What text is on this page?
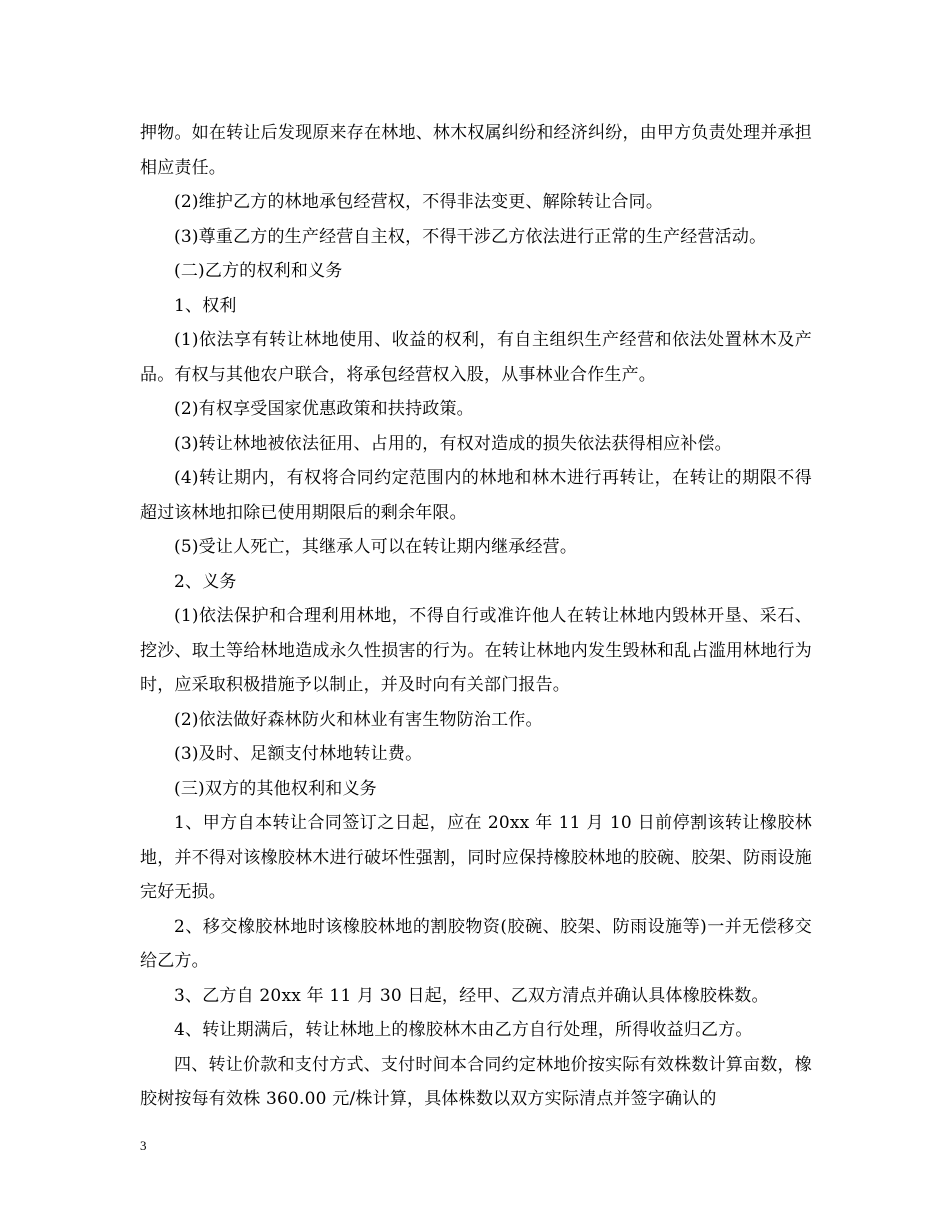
押物。如在转让后发现原来存在林地、林木权属纠纷和经济纠纷，由甲方负责处理并承担相应责任。

(2)维护乙方的林地承包经营权，不得非法变更、解除转让合同。

(3)尊重乙方的生产经营自主权，不得干涉乙方依法进行正常的生产经营活动。

(二)乙方的权利和义务

1、权利

(1)依法享有转让林地使用、收益的权利，有自主组织生产经营和依法处置林木及产品。有权与其他农户联合，将承包经营权入股，从事林业合作生产。

(2)有权享受国家优惠政策和扶持政策。

(3)转让林地被依法征用、占用的，有权对造成的损失依法获得相应补偿。

(4)转让期内，有权将合同约定范围内的林地和林木进行再转让，在转让的期限不得超过该林地扣除已使用期限后的剩余年限。

(5)受让人死亡，其继承人可以在转让期内继承经营。

2、义务

(1)依法保护和合理利用林地，不得自行或准许他人在转让林地内毁林开垦、采石、挖沙、取土等给林地造成永久性损害的行为。在转让林地内发生毁林和乱占滥用林地行为时，应采取积极措施予以制止，并及时向有关部门报告。

(2)依法做好森林防火和林业有害生物防治工作。

(3)及时、足额支付林地转让费。

(三)双方的其他权利和义务

1、甲方自本转让合同签订之日起，应在 20xx 年 11 月 10 日前停割该转让橡胶林地，并不得对该橡胶林木进行破坏性强割，同时应保持橡胶林地的胶碗、胶架、防雨设施完好无损。

2、移交橡胶林地时该橡胶林地的割胶物资(胶碗、胶架、防雨设施等)一并无偿移交给乙方。

3、乙方自 20xx 年 11 月 30 日起，经甲、乙双方清点并确认具体橡胶株数。

4、转让期满后，转让林地上的橡胶林木由乙方自行处理，所得收益归乙方。

四、转让价款和支付方式、支付时间本合同约定林地价按实际有效株数计算亩数，橡胶树按每有效株 360.00 元/株计算，具体株数以双方实际清点并签字确认的

3
